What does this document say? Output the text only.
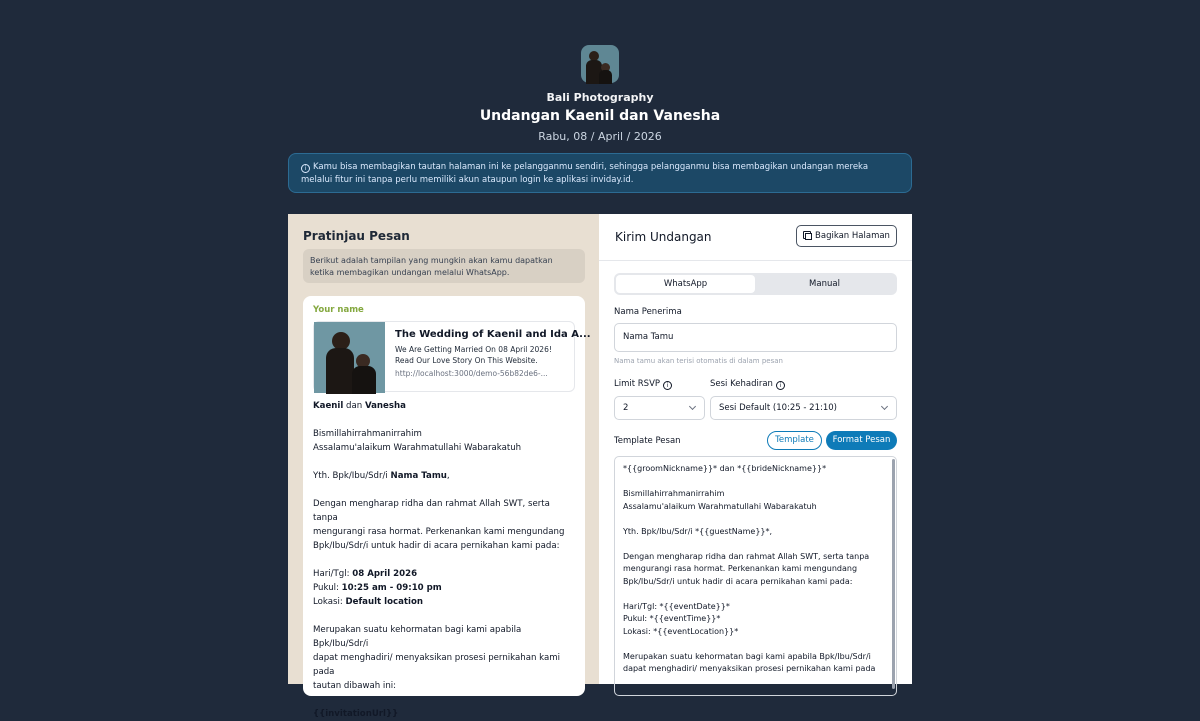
Bali Photography
Undangan Kaenil dan Vanesha
Rabu, 08 / April / 2026
i Kamu bisa membagikan tautan halaman ini ke pelangganmu sendiri, sehingga pelangganmu bisa membagikan undangan mereka melalui fitur ini tanpa perlu memiliki akun ataupun login ke aplikasi inviday.id.
Pratinjau Pesan
Berikut adalah tampilan yang mungkin akan kamu dapatkan ketika membagikan undangan melalui WhatsApp.
Your name
The Wedding of Kaenil and Ida A...
We Are Getting Married On 08 April 2026!
Read Our Love Story On This Website.
http://localhost:3000/demo-56b82de6-...
Kaenil dan Vanesha
Bismillahirrahmanirrahim
Assalamu'alaikum Warahmatullahi Wabarakatuh
Yth. Bpk/Ibu/Sdr/i Nama Tamu,
Dengan mengharap ridha dan rahmat Allah SWT, serta tanpa
mengurangi rasa hormat. Perkenankan kami mengundang
Bpk/Ibu/Sdr/i untuk hadir di acara pernikahan kami pada:
Hari/Tgl: 08 April 2026
Pukul: 10:25 am - 09:10 pm
Lokasi: Default location
Merupakan suatu kehormatan bagi kami apabila Bpk/Ibu/Sdr/i
dapat menghadiri/ menyaksikan prosesi pernikahan kami pada
tautan dibawah ini:
{{invitationUrl}}
Kirim Undangan	Bagikan Halaman
WhatsApp	Manual
Nama Penerima
Nama Tamu
Nama tamu akan terisi otomatis di dalam pesan
Limit RSVP i	Sesi Kehadiran i
2	Sesi Default (10:25 - 21:10)
Template Pesan	Template	Format Pesan
*{{groomNickname}}* dan *{{brideNickname}}*
Bismillahirrahmanirrahim
Assalamu'alaikum Warahmatullahi Wabarakatuh
Yth. Bpk/Ibu/Sdr/i *{{guestName}}*,
Dengan mengharap ridha dan rahmat Allah SWT, serta tanpa
mengurangi rasa hormat. Perkenankan kami mengundang
Bpk/Ibu/Sdr/i untuk hadir di acara pernikahan kami pada:
Hari/Tgl: *{{eventDate}}*
Pukul: *{{eventTime}}*
Lokasi: *{{eventLocation}}*
Merupakan suatu kehormatan bagi kami apabila Bpk/Ibu/Sdr/i
dapat menghadiri/ menyaksikan prosesi pernikahan kami pada
